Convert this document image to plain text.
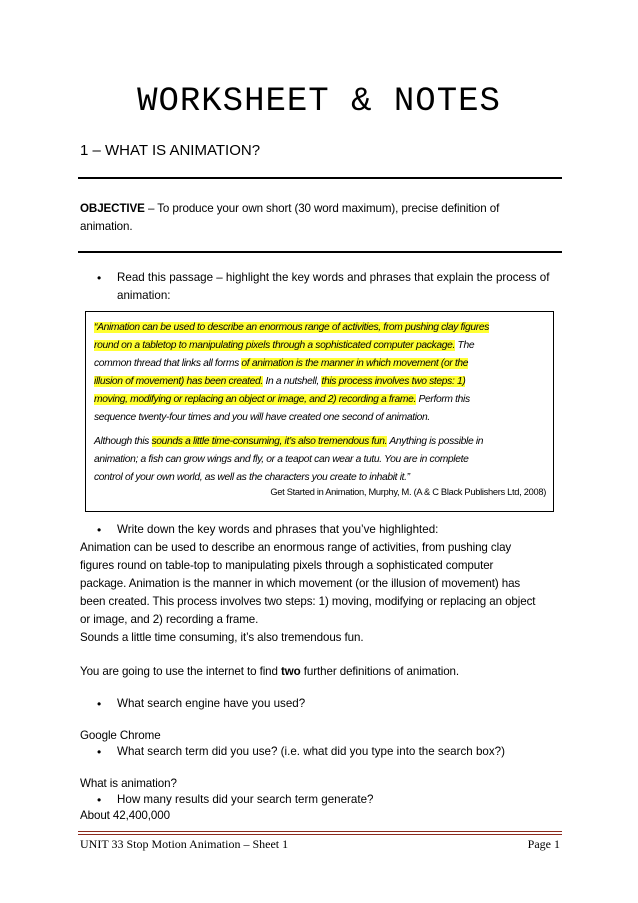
WORKSHEET & NOTES
1 – WHAT IS ANIMATION?
OBJECTIVE – To produce your own short (30 word maximum), precise definition of
animation.
•	Read this passage – highlight the key words and phrases that explain the process of
animation:
“Animation can be used to describe an enormous range of activities, from pushing clay figures
round on a tabletop to manipulating pixels through a sophisticated computer package. The
common thread that links all forms of animation is the manner in which movement (or the
illusion of movement) has been created. In a nutshell, this process involves two steps: 1)
moving, modifying or replacing an object or image, and 2) recording a frame. Perform this
sequence twenty-four times and you will have created one second of animation.
Although this sounds a little time-consuming, it’s also tremendous fun. Anything is possible in
animation; a fish can grow wings and fly, or a teapot can wear a tutu. You are in complete
control of your own world, as well as the characters you create to inhabit it.”
Get Started in Animation, Murphy, M. (A & C Black Publishers Ltd, 2008)
•	Write down the key words and phrases that you’ve highlighted:
Animation can be used to describe an enormous range of activities, from pushing clay
figures round on table-top to manipulating pixels through a sophisticated computer
package. Animation is the manner in which movement (or the illusion of movement) has
been created. This process involves two steps: 1) moving, modifying or replacing an object
or image, and 2) recording a frame.
Sounds a little time consuming, it’s also tremendous fun.
You are going to use the internet to find two further definitions of animation.
•	What search engine have you used?
Google Chrome
•	What search term did you use? (i.e. what did you type into the search box?)
What is animation?
•	How many results did your search term generate?
About 42,400,000
UNIT 33 Stop Motion Animation – Sheet 1	Page 1
